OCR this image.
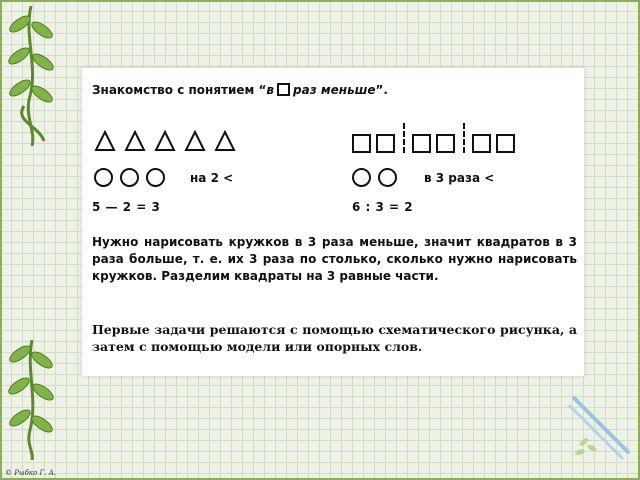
Знакомство с понятием “в раз меньше”.
на 2 <
5 — 2 = 3
в 3 раза <
6 : 3 = 2
Нужно нарисовать кружков в 3 раза меньше, значит квадратов в 3 раза больше, т. е. их 3 раза по столько, сколько нужно нарисовать кружков. Разделим квадраты на 3 равные части.
Первые задачи решаются с помощью схематического рисунка, а затем с помощью модели или опорных слов.
© Рыбко Г. А.
